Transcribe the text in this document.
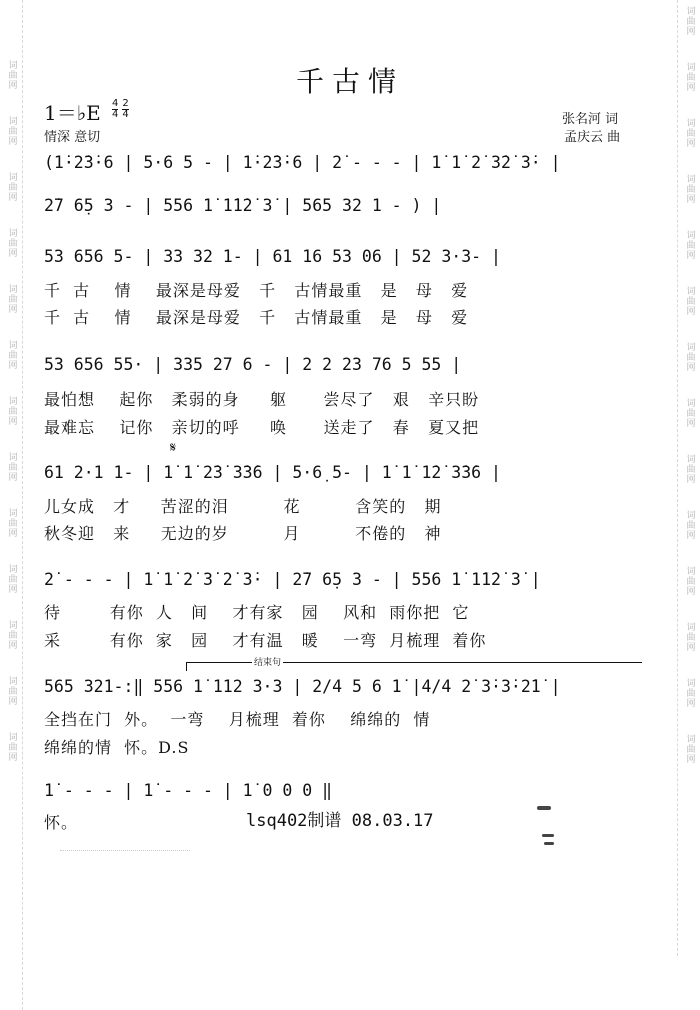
词曲网
词曲网
词曲网
词曲网
词曲网
词曲网
词曲网
词曲网
词曲网
词曲网
词曲网
词曲网
词曲网
词曲网
词曲网
词曲网
词曲网
词曲网
词曲网
词曲网
词曲网
词曲网
词曲网
词曲网
词曲网
词曲网
词曲网
千古情
1＝♭E $\frac{4}{4} \frac{2}{4}$
情深 意切
张名河 词
孟庆云 曲
(1̇·2̇3̇·6 | 5·6 5 - | 1̇·2̇3̇·6 | 2̇ - - - | 1̇ 1̇ 2̇ 3̇2̇ 3̇· |
2̇7 6̣5 3 - | 556 1̇ 1̇1̇2̇ 3̇ | 565 32 1 - ) |
53 656 5- | 33 32 1- | 61 16 53 06 | 52 3·3- |
千  古    情    最深是母爱   千   古情最重   是   母   爱
千  古    情    最深是母爱   千   古情最重   是   母   爱
53 656 55· | 335 27 6 - | 2 2 23 76 5 55 |
最怕想    起你   柔弱的身     躯      尝尽了   艰   辛只盼
最难忘    记你   亲切的呼     唤      送走了   春   夏又把
𝄋
61 2·1 1- | 1̇ 1̇ 2̇3̇ 3̇3̇6 | 5·6̣ 5- | 1̇ 1̇ 1̇2̇ 3̇3̇6 |
儿女成   才     苦涩的泪         花         含笑的   期
秋冬迎   来     无边的岁         月         不倦的   神
2̇ - - - | 1̇ 1̇ 2̇ 3̇ 2̇ 3̇· | 2̇7 6̣5 3 - | 556 1̇ 1̇1̇2̇ 3̇ |
待        有你  人   间    才有家   园    风和  雨你把  它
采        有你  家   园    才有温   暖    一弯  月梳理  着你
结束句
565 321-:‖ 556 1̇ 112 3·3 | 2/4 5 6 1̇ |4/4 2̇ 3̇·3̇·2̇1̇ |
全挡在门  外。  一弯    月梳理  着你    绵绵的  情
绵绵的情  怀。D.S
1̇ - - - | 1̇ - - - | 1̇ 0 0 0 ‖
怀。	lsq402制谱 08.03.17
